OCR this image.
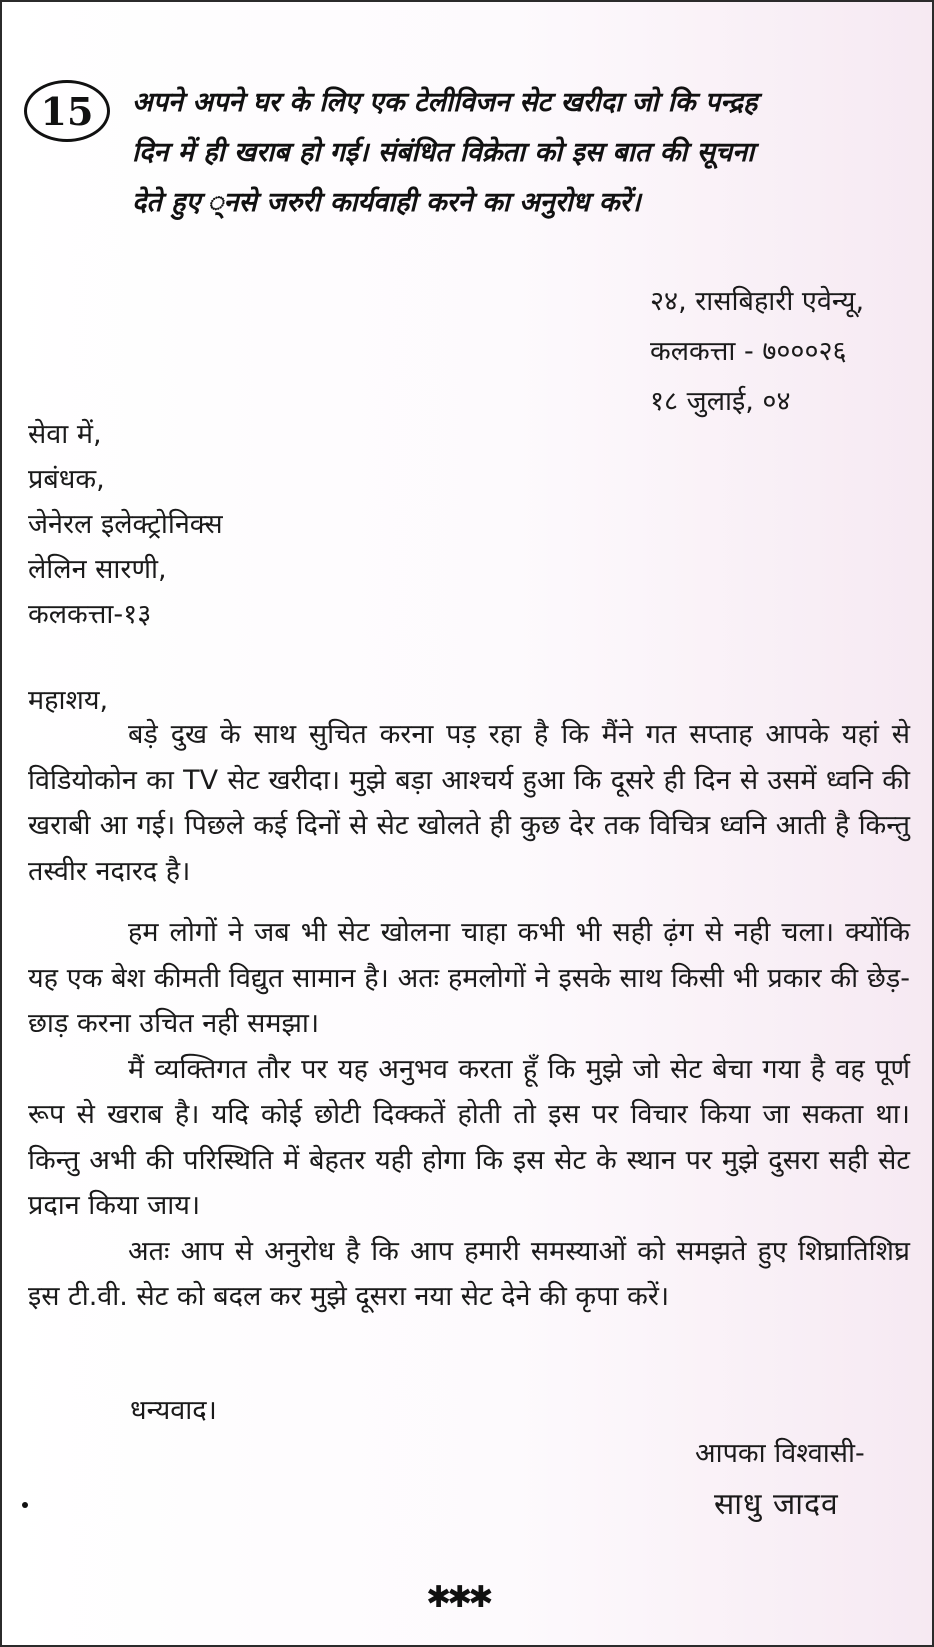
15	अपने अपने घर के लिए एक टेलीविजन सेट खरीदा जो कि पन्द्रह
दिन में ही खराब हो गई। संबंधित विक्रेता को इस बात की सूचना
देते हुए ्नसे जरुरी कार्यवाही करने का अनुरोध करें।
२४, रासबिहारी एवेन्यू,
कलकत्ता - ७०००२६
१८ जुलाई, ०४
सेवा में,
प्रबंधक,
जेनेरल इलेक्ट्रोनिक्स
लेलिन सारणी,
कलकत्ता-१३
महाशय,

बड़े दुख के साथ सुचित करना पड़ रहा है कि मैंने गत सप्ताह आपके यहां से विडियोकोन का TV सेट खरीदा। मुझे बड़ा आश्चर्य हुआ कि दूसरे ही दिन से उसमें ध्वनि की खराबी आ गई। पिछले कई दिनों से सेट खोलते ही कुछ देर तक विचित्र ध्वनि आती है किन्तु तस्वीर नदारद है।

हम लोगों ने जब भी सेट खोलना चाहा कभी भी सही ढ़ंग से नही चला। क्योंकि यह एक बेश कीमती विद्युत सामान है। अतः हमलोगों ने इसके साथ किसी भी प्रकार की छेड़-छाड़ करना उचित नही समझा।

मैं व्यक्तिगत तौर पर यह अनुभव करता हूँ कि मुझे जो सेट बेचा गया है वह पूर्ण रूप से खराब है। यदि कोई छोटी दिक्कतें होती तो इस पर विचार किया जा सकता था। किन्तु अभी की परिस्थिति में बेहतर यही होगा कि इस सेट के स्थान पर मुझे दुसरा सही सेट प्रदान किया जाय।

अतः आप से अनुरोध है कि आप हमारी समस्याओं को समझते हुए शिघ्रातिशिघ्र इस टी.वी. सेट को बदल कर मुझे दूसरा नया सेट देने की कृपा करें।

धन्यवाद।
आपका विश्वासी-
साधु जादव
✱✱✱
